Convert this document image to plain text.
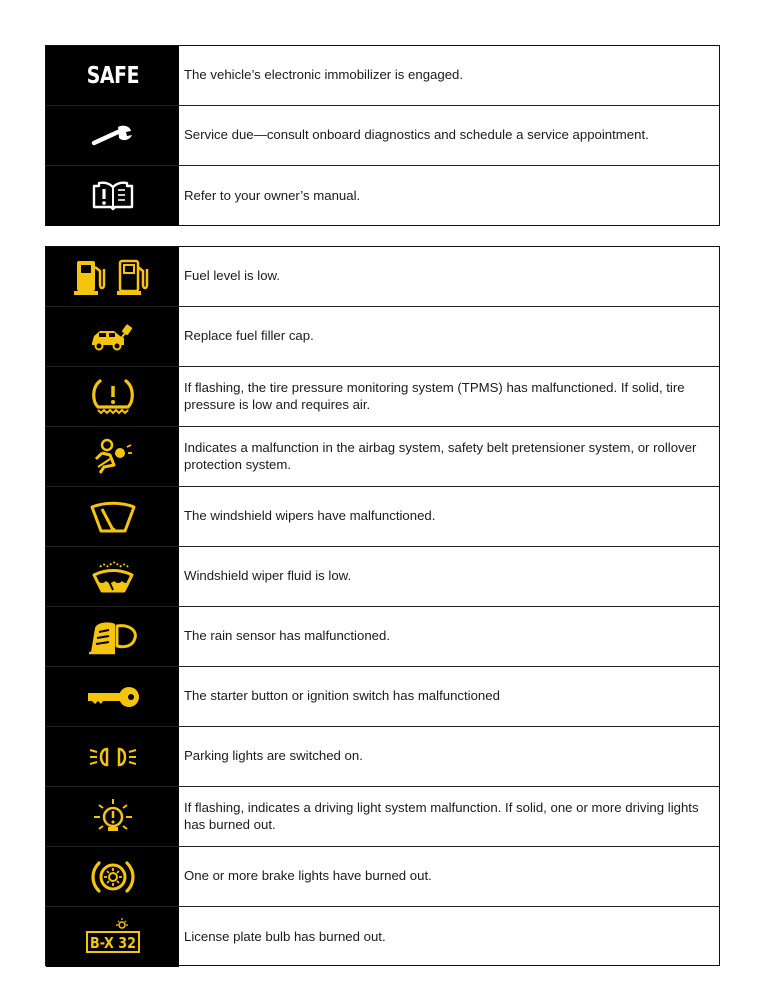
SAFE	The vehicle’s electronic immobilizer is engaged.
Service due—consult onboard diagnostics and schedule a service appointment.
Refer to your owner’s manual.
Fuel level is low.
Replace fuel filler cap.
If flashing, the tire pressure monitoring system (TPMS) has malfunctioned. If solid, tire pressure is low and requires air.
Indicates a malfunction in the airbag system, safety belt pretensioner system, or rollover protection system.
The windshield wipers have malfunctioned.
Windshield wiper fluid is low.
The rain sensor has malfunctioned.
The starter button or ignition switch has malfunctioned
Parking lights are switched on.
If flashing, indicates a driving light system malfunction. If solid, one or more driving lights has burned out.
One or more brake lights have burned out.
B-X 32	License plate bulb has burned out.
